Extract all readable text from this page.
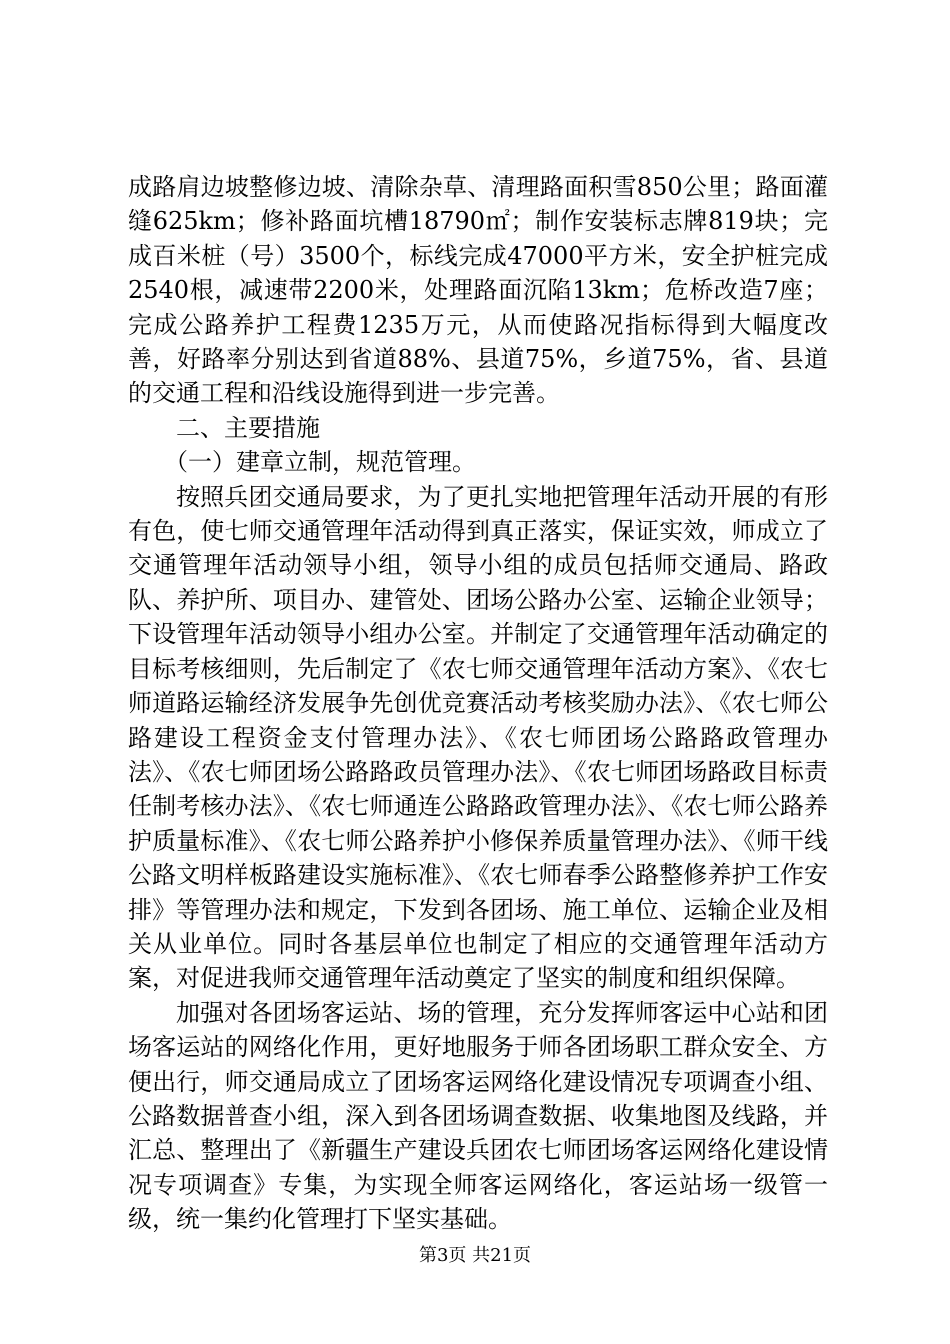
成路肩边坡整修边坡、清除杂草、清理路面积雪850公里；路面灌缝625km；修补路面坑槽18790㎡；制作安装标志牌819块；完成百米桩（号）3500个，标线完成47000平方米，安全护桩完成2540根，减速带2200米，处理路面沉陷13km；危桥改造7座；完成公路养护工程费1235万元，从而使路况指标得到大幅度改善，好路率分别达到省道88%、县道75%，乡道75%，省、县道的交通工程和沿线设施得到进一步完善。

二、主要措施

（一）建章立制，规范管理。

按照兵团交通局要求，为了更扎实地把管理年活动开展的有形有色，使七师交通管理年活动得到真正落实，保证实效，师成立了交通管理年活动领导小组，领导小组的成员包括师交通局、路政队、养护所、项目办、建管处、团场公路办公室、运输企业领导；下设管理年活动领导小组办公室。并制定了交通管理年活动确定的目标考核细则，先后制定了《农七师交通管理年活动方案》、《农七师道路运输经济发展争先创优竞赛活动考核奖励办法》、《农七师公路建设工程资金支付管理办法》、《农七师团场公路路政管理办法》、《农七师团场公路路政员管理办法》、《农七师团场路政目标责任制考核办法》、《农七师通连公路路政管理办法》、《农七师公路养护质量标准》、《农七师公路养护小修保养质量管理办法》、《师干线公路文明样板路建设实施标准》、《农七师春季公路整修养护工作安排》等管理办法和规定，下发到各团场、施工单位、运输企业及相关从业单位。同时各基层单位也制定了相应的交通管理年活动方案，对促进我师交通管理年活动奠定了坚实的制度和组织保障。

加强对各团场客运站、场的管理，充分发挥师客运中心站和团场客运站的网络化作用，更好地服务于师各团场职工群众安全、方便出行，师交通局成立了团场客运网络化建设情况专项调查小组、公路数据普查小组，深入到各团场调查数据、收集地图及线路，并汇总、整理出了《新疆生产建设兵团农七师团场客运网络化建设情况专项调查》专集，为实现全师客运网络化，客运站场一级管一级，统一集约化管理打下坚实基础。

第3页 共21页
